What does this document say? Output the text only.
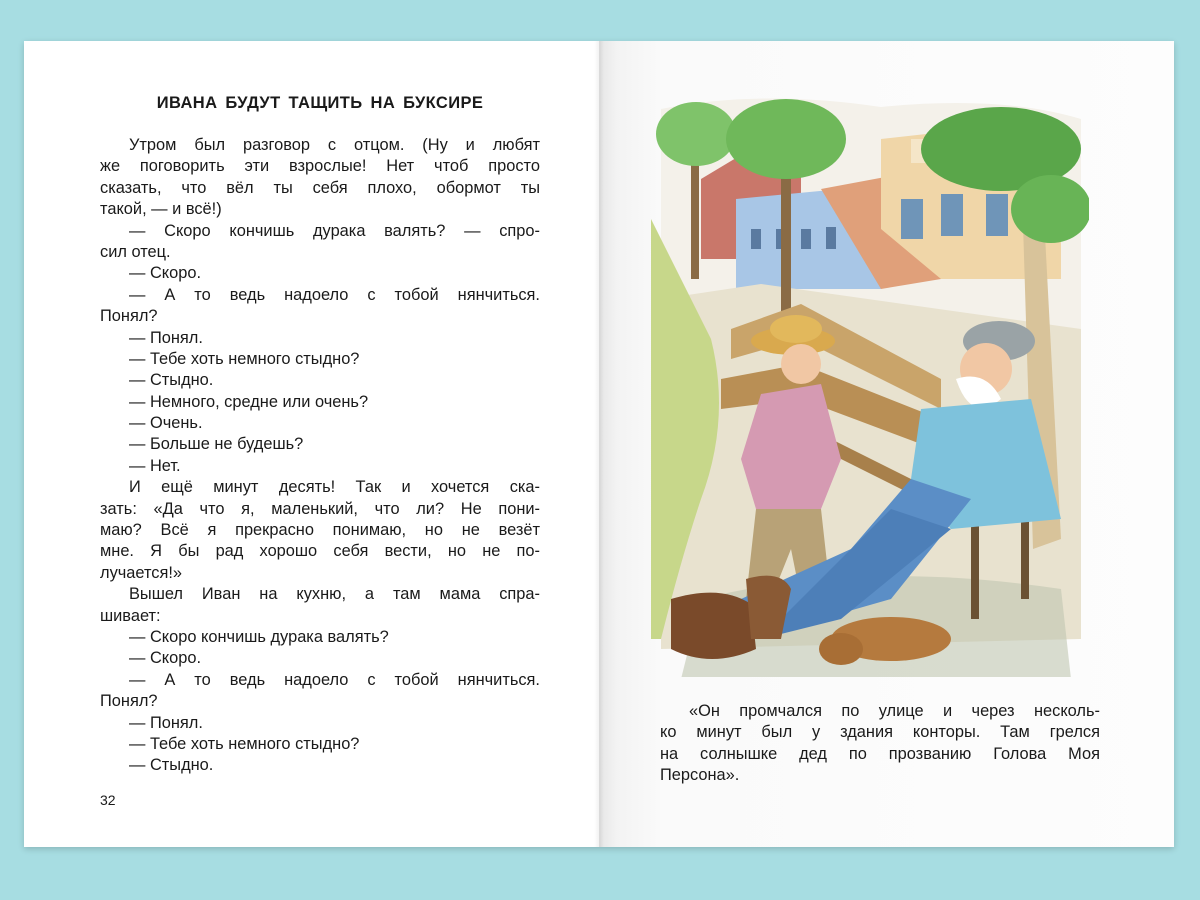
ИВАНА БУДУТ ТАЩИТЬ НА БУКСИРЕ
Утром был разговор с отцом. (Ну и любят
же поговорить эти взрослые! Нет чтоб просто
сказать, что вёл ты себя плохо, обормот ты
такой, — и всё!)
— Скоро кончишь дурака валять? — спро-
сил отец.
— Скоро.
— А то ведь надоело с тобой нянчиться.
Понял?
— Понял.
— Тебе хоть немного стыдно?
— Стыдно.
— Немного, средне или очень?
— Очень.
— Больше не будешь?
— Нет.
И ещё минут десять! Так и хочется ска-
зать: «Да что я, маленький, что ли? Не пони-
маю? Всё я прекрасно понимаю, но не везёт
мне. Я бы рад хорошо себя вести, но не по-
лучается!»
Вышел Иван на кухню, а там мама спра-
шивает:
— Скоро кончишь дурака валять?
— Скоро.
— А то ведь надоело с тобой нянчиться.
Понял?
— Понял.
— Тебе хоть немного стыдно?
— Стыдно.
32
«Он промчался по улице и через несколь-
ко минут был у здания конторы. Там грелся
на солнышке дед по прозванию Голова Моя
Персона».
